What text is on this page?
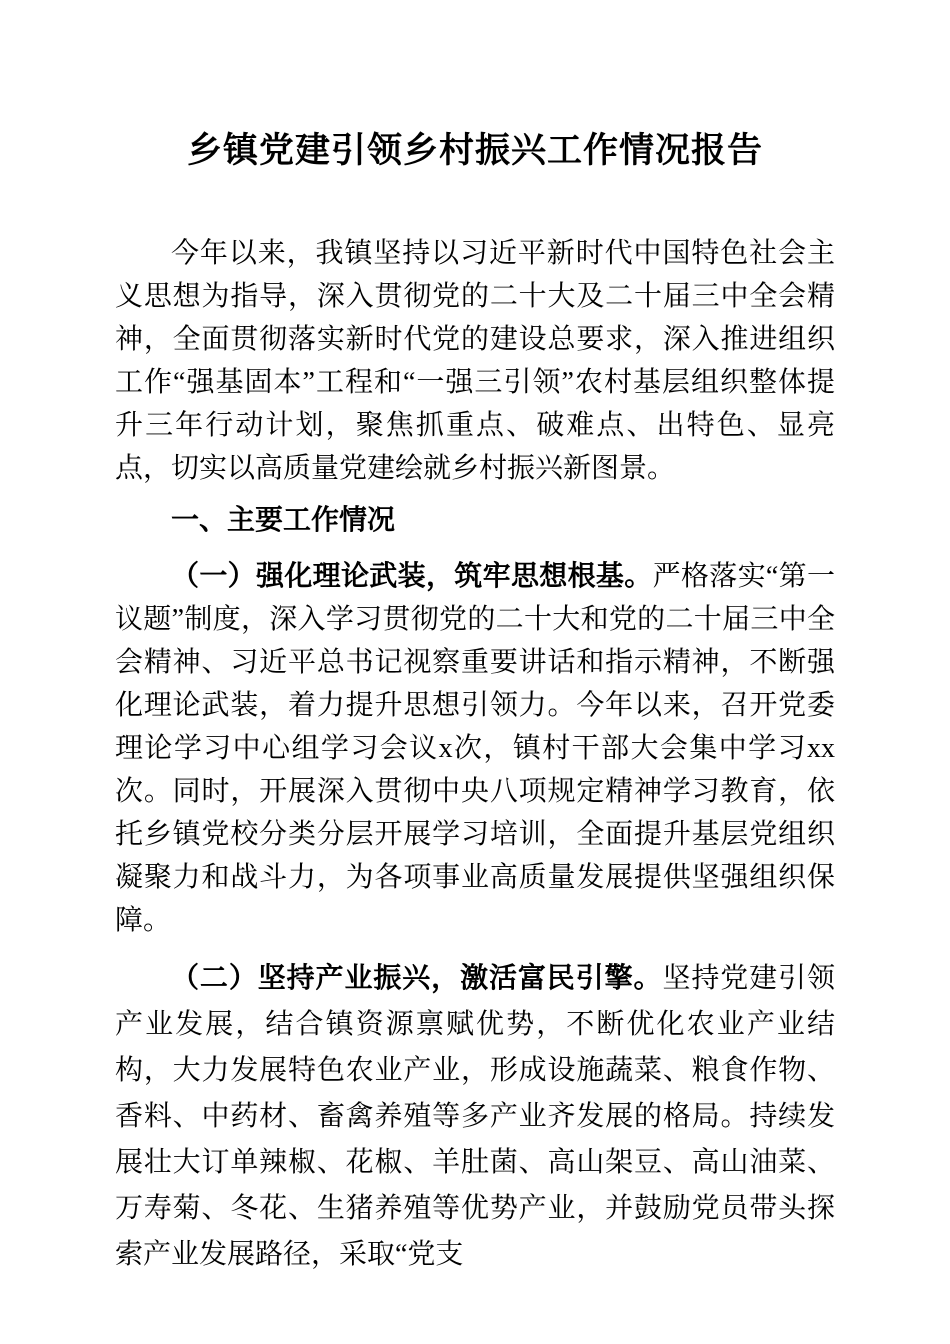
乡镇党建引领乡村振兴工作情况报告

今年以来，我镇坚持以习近平新时代中国特色社会主义思想为指导，深入贯彻党的二十大及二十届三中全会精神，全面贯彻落实新时代党的建设总要求，深入推进组织工作“强基固本”工程和“一强三引领”农村基层组织整体提升三年行动计划，聚焦抓重点、破难点、出特色、显亮点，切实以高质量党建绘就乡村振兴新图景。

一、主要工作情况

（一）强化理论武装，筑牢思想根基。严格落实“第一议题”制度，深入学习贯彻党的二十大和党的二十届三中全会精神、习近平总书记视察重要讲话和指示精神，不断强化理论武装，着力提升思想引领力。今年以来，召开党委理论学习中心组学习会议x次，镇村干部大会集中学习xx次。同时，开展深入贯彻中央八项规定精神学习教育，依托乡镇党校分类分层开展学习培训，全面提升基层党组织凝聚力和战斗力，为各项事业高质量发展提供坚强组织保障。

（二）坚持产业振兴，激活富民引擎。坚持党建引领产业发展，结合镇资源禀赋优势，不断优化农业产业结构，大力发展特色农业产业，形成设施蔬菜、粮食作物、香料、中药材、畜禽养殖等多产业齐发展的格局。持续发展壮大订单辣椒、花椒、羊肚菌、高山架豆、高山油菜、万寿菊、冬花、生猪养殖等优势产业，并鼓励党员带头探索产业发展路径，采取“党支
